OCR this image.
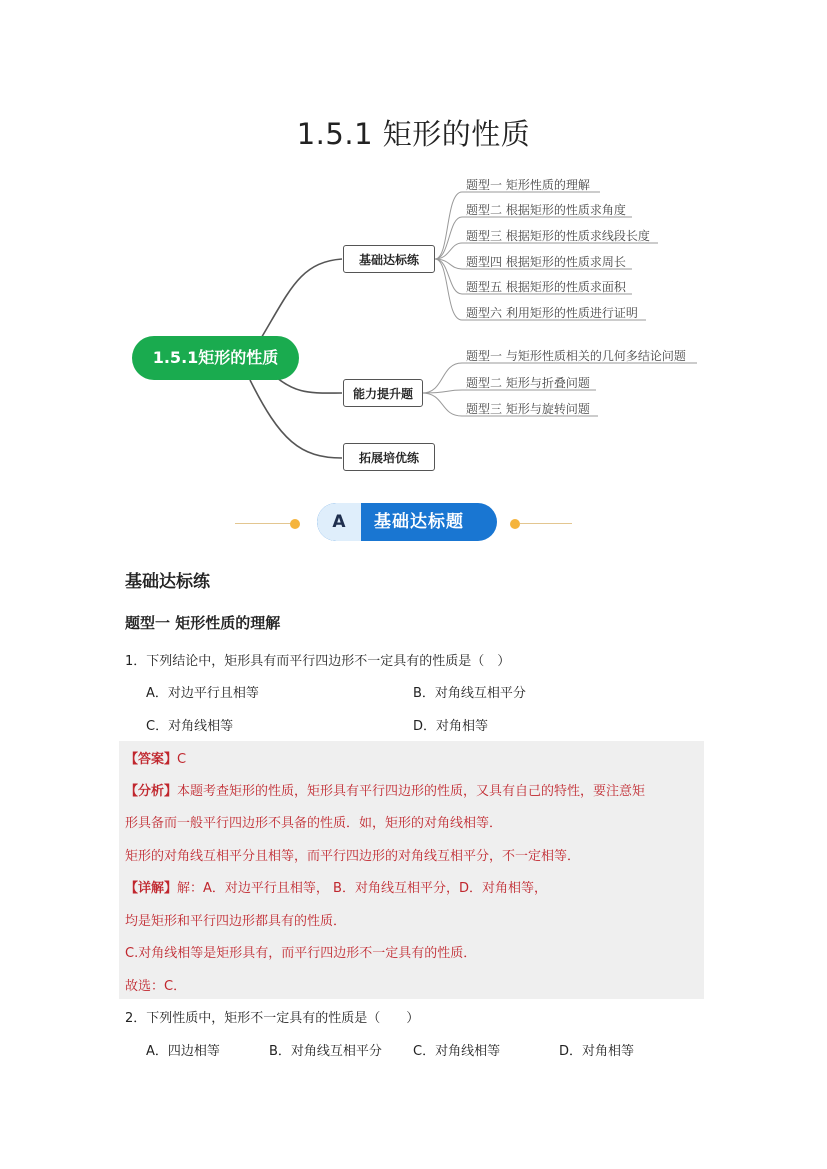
1.5.1 矩形的性质
1.5.1矩形的性质
基础达标练
能力提升题
拓展培优练
题型一 矩形性质的理解
题型二 根据矩形的性质求角度
题型三 根据矩形的性质求线段长度
题型四 根据矩形的性质求周长
题型五 根据矩形的性质求面积
题型六 利用矩形的性质进行证明
题型一 与矩形性质相关的几何多结论问题
题型二 矩形与折叠问题
题型三 矩形与旋转问题
A	基础达标题
基础达标练
题型一 矩形性质的理解
1．下列结论中，矩形具有而平行四边形不一定具有的性质是（　）
A．对边平行且相等	B．对角线互相平分
C．对角线相等	D．对角相等
【答案】C
【分析】本题考查矩形的性质，矩形具有平行四边形的性质，又具有自己的特性，要注意矩
形具备而一般平行四边形不具备的性质．如，矩形的对角线相等．
矩形的对角线互相平分且相等，而平行四边形的对角线互相平分，不一定相等．
【详解】解：A．对边平行且相等， B．对角线互相平分，D．对角相等，
均是矩形和平行四边形都具有的性质．
C.对角线相等是矩形具有，而平行四边形不一定具有的性质．
故选：C．
2．下列性质中，矩形不一定具有的性质是（　　）
A．四边相等	B．对角线互相平分 C．对角线相等	D．对角相等
